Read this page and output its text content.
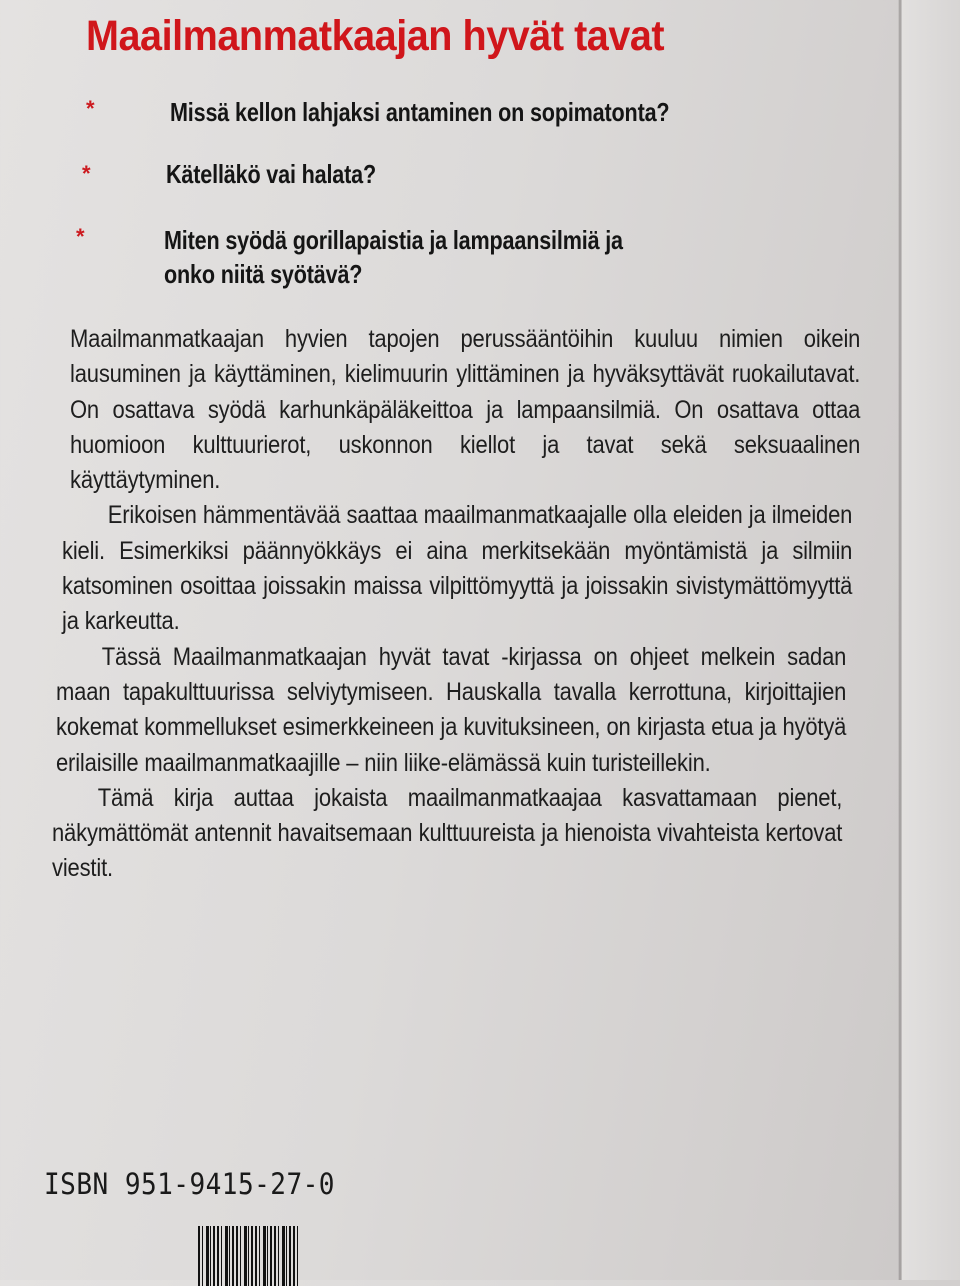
Maailmanmatkaajan hyvät tavat
*	Missä kellon lahjaksi antaminen on sopimatonta?
*	Kätelläkö vai halata?
*	Miten syödä gorillapaistia ja lampaansilmiä ja
onko niitä syötävä?

Maailmanmatkaajan hyvien tapojen perussääntöihin kuuluu nimien oikein lausuminen ja käyttäminen, kielimuurin ylittäminen ja hyväksyttävät ruokailutavat. On osattava syödä karhunkäpäläkeittoa ja lampaansilmiä. On osattava ottaa huomioon kulttuurierot, uskonnon kiellot ja tavat sekä seksuaalinen käyttäytyminen.

Erikoisen hämmentävää saattaa maailmanmatkaajalle olla eleiden ja ilmeiden kieli. Esimerkiksi päännyökkäys ei aina merkitsekään myöntämistä ja silmiin katsominen osoittaa joissakin maissa vilpittömyyttä ja joissakin sivistymättömyyttä ja karkeutta.

Tässä Maailmanmatkaajan hyvät tavat -kirjassa on ohjeet melkein sadan maan tapakulttuurissa selviytymiseen. Hauskalla tavalla kerrottuna, kirjoittajien kokemat kommellukset esimerkkeineen ja kuvituksineen, on kirjasta etua ja hyötyä erilaisille maailmanmatkaajille – niin liike-elämässä kuin turisteillekin.

Tämä kirja auttaa jokaista maailmanmatkaajaa kasvattamaan pienet, näkymättömät antennit havaitsemaan kulttuureista ja hienoista vivahteista kertovat viestit.

ISBN 951-9415-27-0
